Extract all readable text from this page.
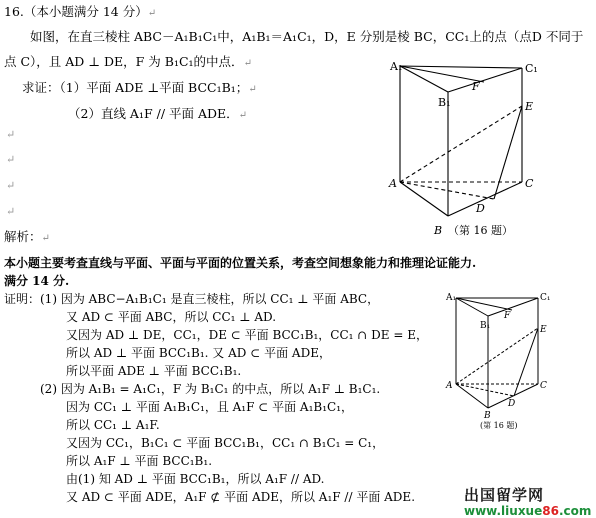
16.（本小题满分 14 分）↵
如图，在直三棱柱 ABC－A₁B₁C₁中，A₁B₁＝A₁C₁，D，E 分别是棱 BC，CC₁上的点（点D 不同于
点 C），且 AD ⊥ DE，F 为 B₁C₁的中点．↵
求证：（1）平面 ADE ⊥平面 BCC₁B₁；↵
（2）直线 A₁F // 平面 ADE．↵
↵
↵
↵
↵
解析：↵
A₁	C₁
B₁
F
E
A	C
D
B （第 16 题）
本小题主要考查直线与平面、平面与平面的位置关系，考查空间想象能力和推理论证能力.
满分 14 分.
证明：(1) 因为 ABC−A₁B₁C₁ 是直三棱柱，所以 CC₁ ⊥ 平面 ABC，
又 AD ⊂ 平面 ABC，所以 CC₁ ⊥ AD.
又因为 AD ⊥ DE，CC₁，DE ⊂ 平面 BCC₁B₁，CC₁ ∩ DE = E，
所以 AD ⊥ 平面 BCC₁B₁. 又 AD ⊂ 平面 ADE，
所以平面 ADE ⊥ 平面 BCC₁B₁.
(2) 因为 A₁B₁ = A₁C₁，F 为 B₁C₁ 的中点，所以 A₁F ⊥ B₁C₁.
因为 CC₁ ⊥ 平面 A₁B₁C₁，且 A₁F ⊂ 平面 A₁B₁C₁，
所以 CC₁ ⊥ A₁F.
又因为 CC₁，B₁C₁ ⊂ 平面 BCC₁B₁，CC₁ ∩ B₁C₁ = C₁，
所以 A₁F ⊥ 平面 BCC₁B₁.
由(1) 知 AD ⊥ 平面 BCC₁B₁，所以 A₁F // AD.
又 AD ⊂ 平面 ADE，A₁F ⊄ 平面 ADE，所以 A₁F // 平面 ADE.
A₁	C₁
B₁
F
E
A	C
D
B
(第 16 题)
出国留学网
www.liuxue86.com
